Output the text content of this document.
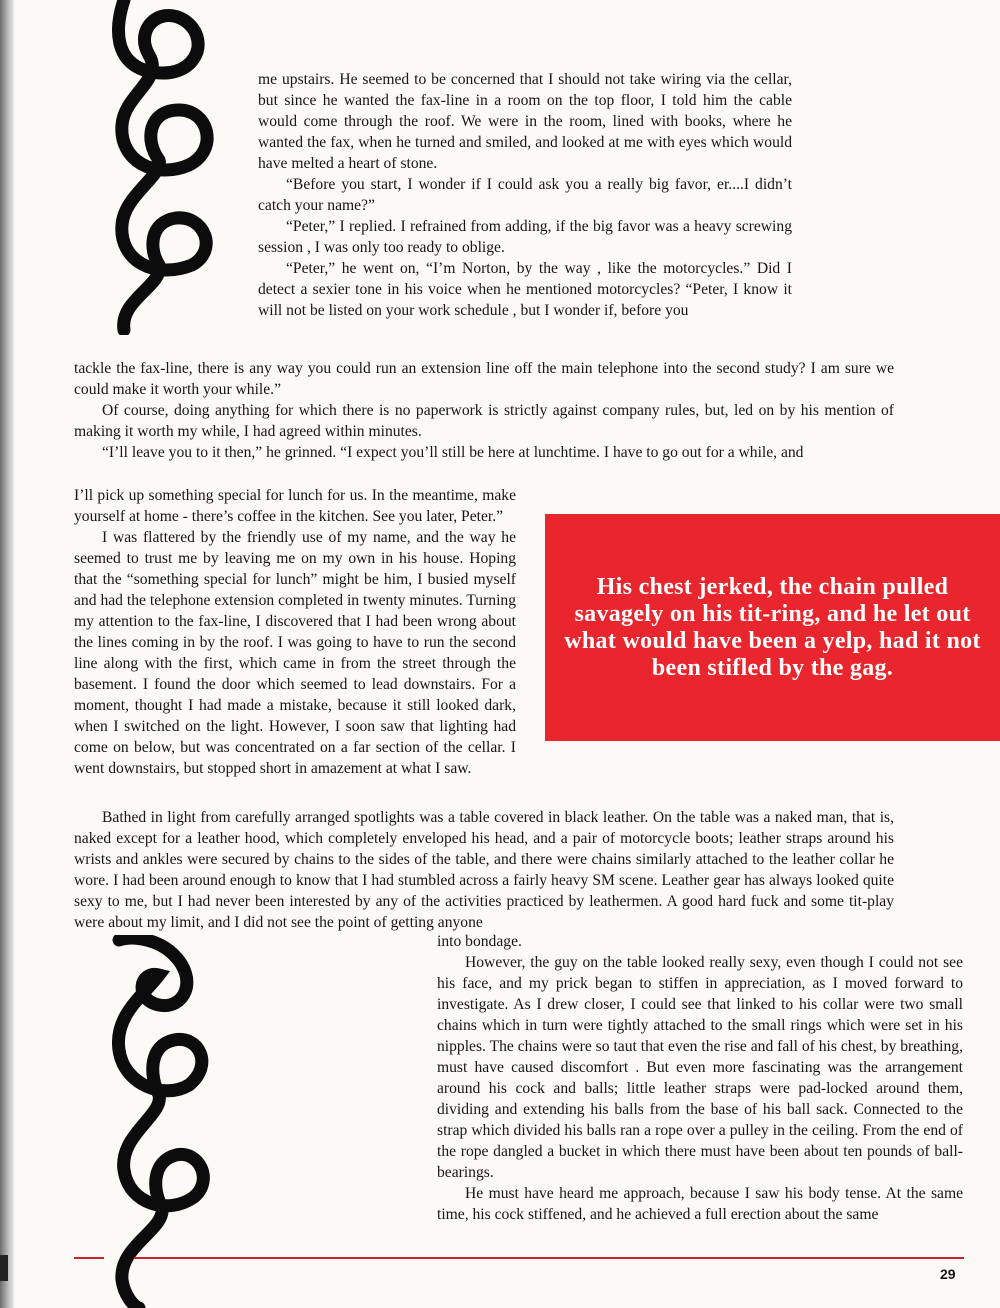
me upstairs. He seemed to be concerned that I should not take wiring via the cellar, but since he wanted the fax-line in a room on the top floor, I told him the cable would come through the roof. We were in the room, lined with books, where he wanted the fax, when he turned and smiled, and looked at me with eyes which would have melted a heart of stone.

“Before you start, I wonder if I could ask you a really big favor, er....I didn’t catch your name?”

“Peter,” I replied. I refrained from adding, if the big favor was a heavy screwing session , I was only too ready to oblige.

“Peter,” he went on, “I’m Norton, by the way , like the motorcycles.” Did I detect a sexier tone in his voice when he mentioned motorcycles? “Peter, I know it will not be listed on your work schedule , but I wonder if, before you

tackle the fax-line, there is any way you could run an extension line off the main telephone into the second study? I am sure we could make it worth your while.”

Of course, doing anything for which there is no paperwork is strictly against company rules, but, led on by his mention of making it worth my while, I had agreed within minutes.

“I’ll leave you to it then,” he grinned. “I expect you’ll still be here at lunchtime. I have to go out for a while, and

I’ll pick up something special for lunch for us. In the meantime, make yourself at home - there’s coffee in the kitchen. See you later, Peter.”

I was flattered by the friendly use of my name, and the way he seemed to trust me by leaving me on my own in his house. Hoping that the “something special for lunch” might be him, I busied myself and had the telephone extension completed in twenty minutes. Turning my attention to the fax-line, I discovered that I had been wrong about the lines coming in by the roof. I was going to have to run the second line along with the first, which came in from the street through the basement. I found the door which seemed to lead downstairs. For a moment, thought I had made a mistake, because it still looked dark, when I switched on the light. However, I soon saw that lighting had come on below, but was concentrated on a far section of the cellar. I went downstairs, but stopped short in amazement at what I saw.

His chest jerked, the chain pulled savagely on his tit-ring, and he let out what would have been a yelp, had it not been stifled by the gag.

Bathed in light from carefully arranged spotlights was a table covered in black leather. On the table was a naked man, that is, naked except for a leather hood, which completely enveloped his head, and a pair of motorcycle boots; leather straps around his wrists and ankles were secured by chains to the sides of the table, and there were chains similarly attached to the leather collar he wore. I had been around enough to know that I had stumbled across a fairly heavy SM scene. Leather gear has always looked quite sexy to me, but I had never been interested by any of the activities practiced by leathermen. A good hard fuck and some tit-play were about my limit, and I did not see the point of getting anyone

into bondage.

However, the guy on the table looked really sexy, even though I could not see his face, and my prick began to stiffen in appreciation, as I moved forward to investigate. As I drew closer, I could see that linked to his collar were two small chains which in turn were tightly attached to the small rings which were set in his nipples. The chains were so taut that even the rise and fall of his chest, by breathing, must have caused discomfort . But even more fascinating was the arrangement around his cock and balls; little leather straps were pad-locked around them, dividing and extending his balls from the base of his ball sack. Connected to the strap which divided his balls ran a rope over a pulley in the ceiling. From the end of the rope dangled a bucket in which there must have been about ten pounds of ball-bearings.

He must have heard me approach, because I saw his body tense. At the same time, his cock stiffened, and he achieved a full erection about the same

29
